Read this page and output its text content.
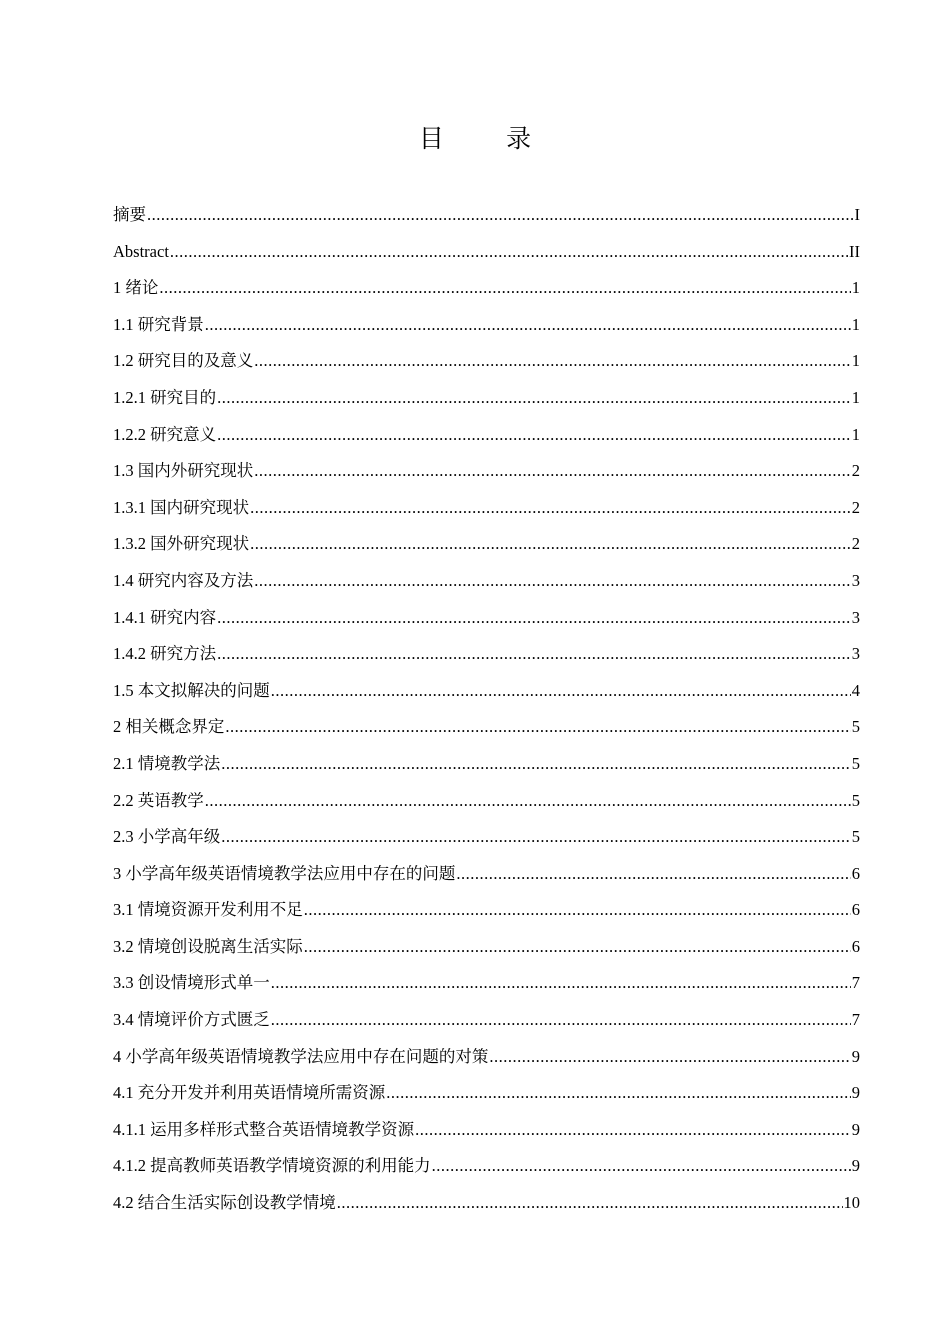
目 录
摘要 .....	I
Abstract .....	II
1 绪论 .....	1
1.1 研究背景 .....	1
1.2 研究目的及意义 .....	1
1.2.1 研究目的 .....	1
1.2.2 研究意义 .....	1
1.3 国内外研究现状 .....	2
1.3.1 国内研究现状 .....	2
1.3.2 国外研究现状 .....	2
1.4 研究内容及方法 .....	3
1.4.1 研究内容 .....	3
1.4.2 研究方法 .....	3
1.5 本文拟解决的问题 .....	4
2 相关概念界定 .....	5
2.1 情境教学法 .....	5
2.2 英语教学 .....	5
2.3 小学高年级 .....	5
3 小学高年级英语情境教学法应用中存在的问题 .....	6
3.1 情境资源开发利用不足 .....	6
3.2 情境创设脱离生活实际 .....	6
3.3 创设情境形式单一 .....	7
3.4 情境评价方式匮乏 .....	7
4 小学高年级英语情境教学法应用中存在问题的对策 .....	9
4.1 充分开发并利用英语情境所需资源 .....	9
4.1.1 运用多样形式整合英语情境教学资源 .....	9
4.1.2 提高教师英语教学情境资源的利用能力 .....	9
4.2 结合生活实际创设教学情境 .....	10
